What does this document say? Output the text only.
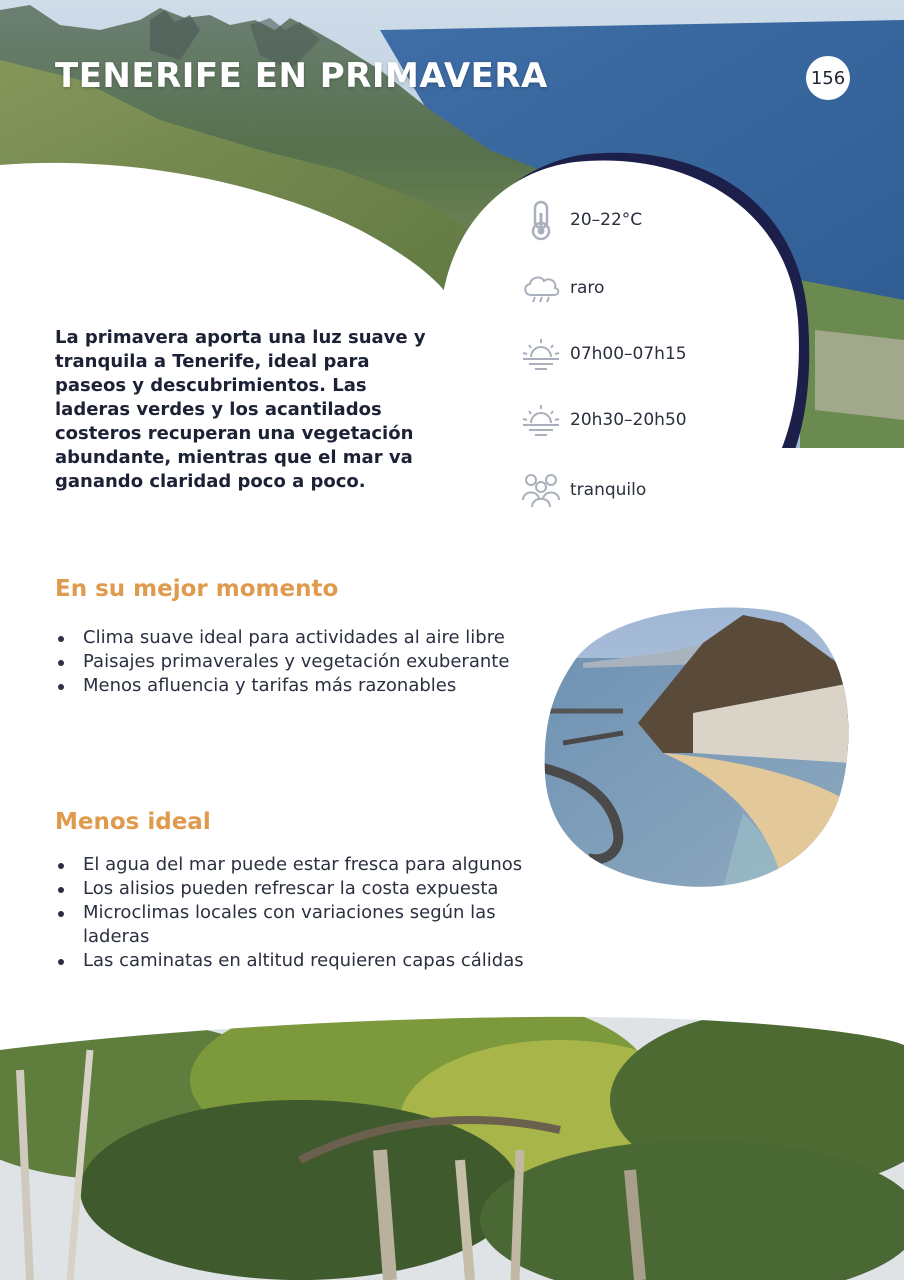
TENERIFE EN PRIMAVERA	156

La primavera aporta una luz suave y tranquila a Tenerife, ideal para paseos y descubrimientos. Las laderas verdes y los acantilados costeros recuperan una vegetación abundante, mientras que el mar va ganando claridad poco a poco.

20–22°C
raro
07h00–07h15
20h30–20h50
tranquilo
En su mejor momento
Clima suave ideal para actividades al aire libre
Paisajes primaverales y vegetación exuberante
Menos afluencia y tarifas más razonables
Menos ideal
El agua del mar puede estar fresca para algunos
Los alisios pueden refrescar la costa expuesta
Microclimas locales con variaciones según las laderas
Las caminatas en altitud requieren capas cálidas
